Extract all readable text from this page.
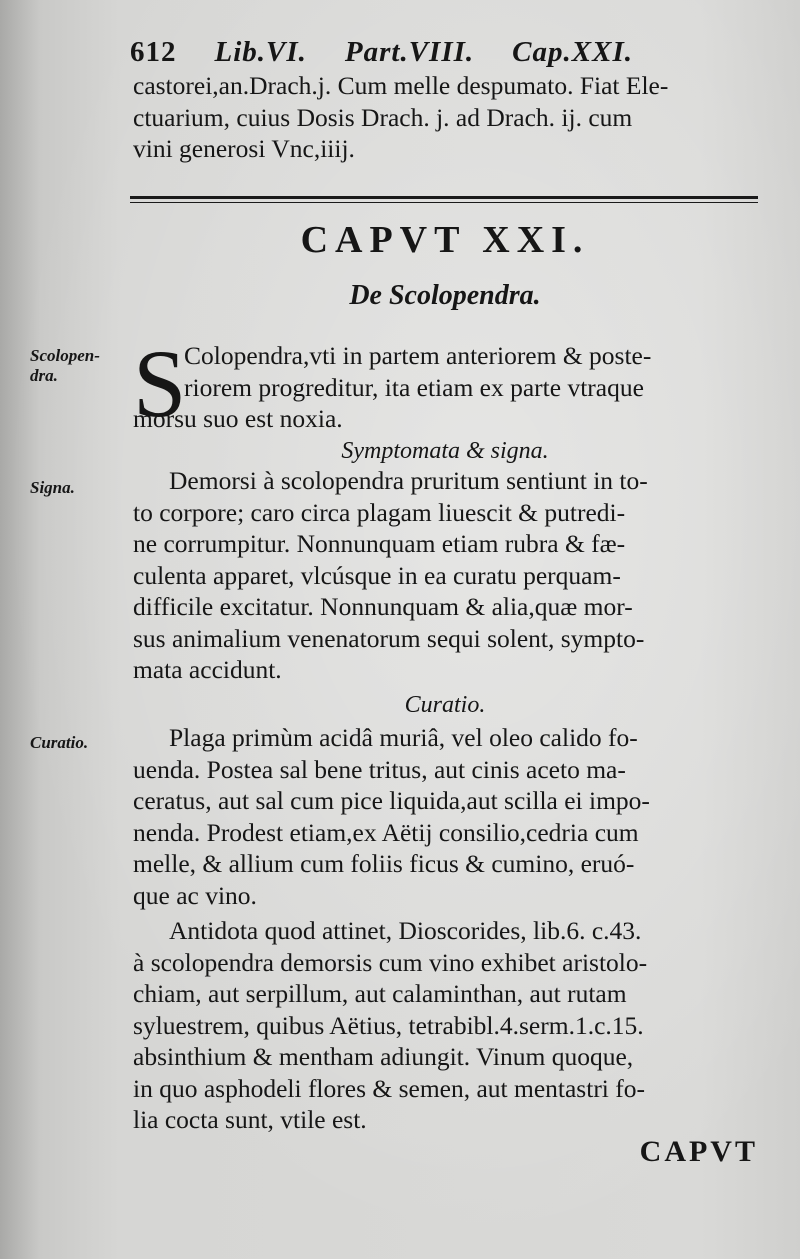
612 Lib.VI. Part.VIII. Cap.XXI.
castorei,an.Drach.j. Cum melle despumato. Fiat Ele-
ctuarium, cuius Dosis Drach. j. ad Drach. ij. cum
vini generosi Vnc,iiij.
CAPVT XXI.
De Scolopendra.
Scolopen-dra. S
Colopendra,vti in partem anteriorem & poste-
riorem progreditur, ita etiam ex parte vtraque
morsu suo est noxia.
Symptomata & signa.
Signa.	Demorsi à scolopendra pruritum sentiunt in to-
to corpore; caro circa plagam liuescit & putredi-
ne corrumpitur. Nonnunquam etiam rubra & fæ-
culenta apparet, vlcúsque in ea curatu perquam-
difficile excitatur. Nonnunquam & alia,quæ mor-
sus animalium venenatorum sequi solent, sympto-
mata accidunt.
Curatio.
Curatio.	Plaga primùm acidâ muriâ, vel oleo calido fo-
uenda. Postea sal bene tritus, aut cinis aceto ma-
ceratus, aut sal cum pice liquida,aut scilla ei impo-
nenda. Prodest etiam,ex Aëtij consilio,cedria cum
melle, & allium cum foliis ficus & cumino, eruó-
que ac vino.
Antidota quod attinet, Dioscorides, lib.6. c.43.
à scolopendra demorsis cum vino exhibet aristolo-
chiam, aut serpillum, aut calaminthan, aut rutam
syluestrem, quibus Aëtius, tetrabibl.4.serm.1.c.15.
absinthium & mentham adiungit. Vinum quoque,
in quo asphodeli flores & semen, aut mentastri fo-
lia cocta sunt, vtile est.
CAPVT
